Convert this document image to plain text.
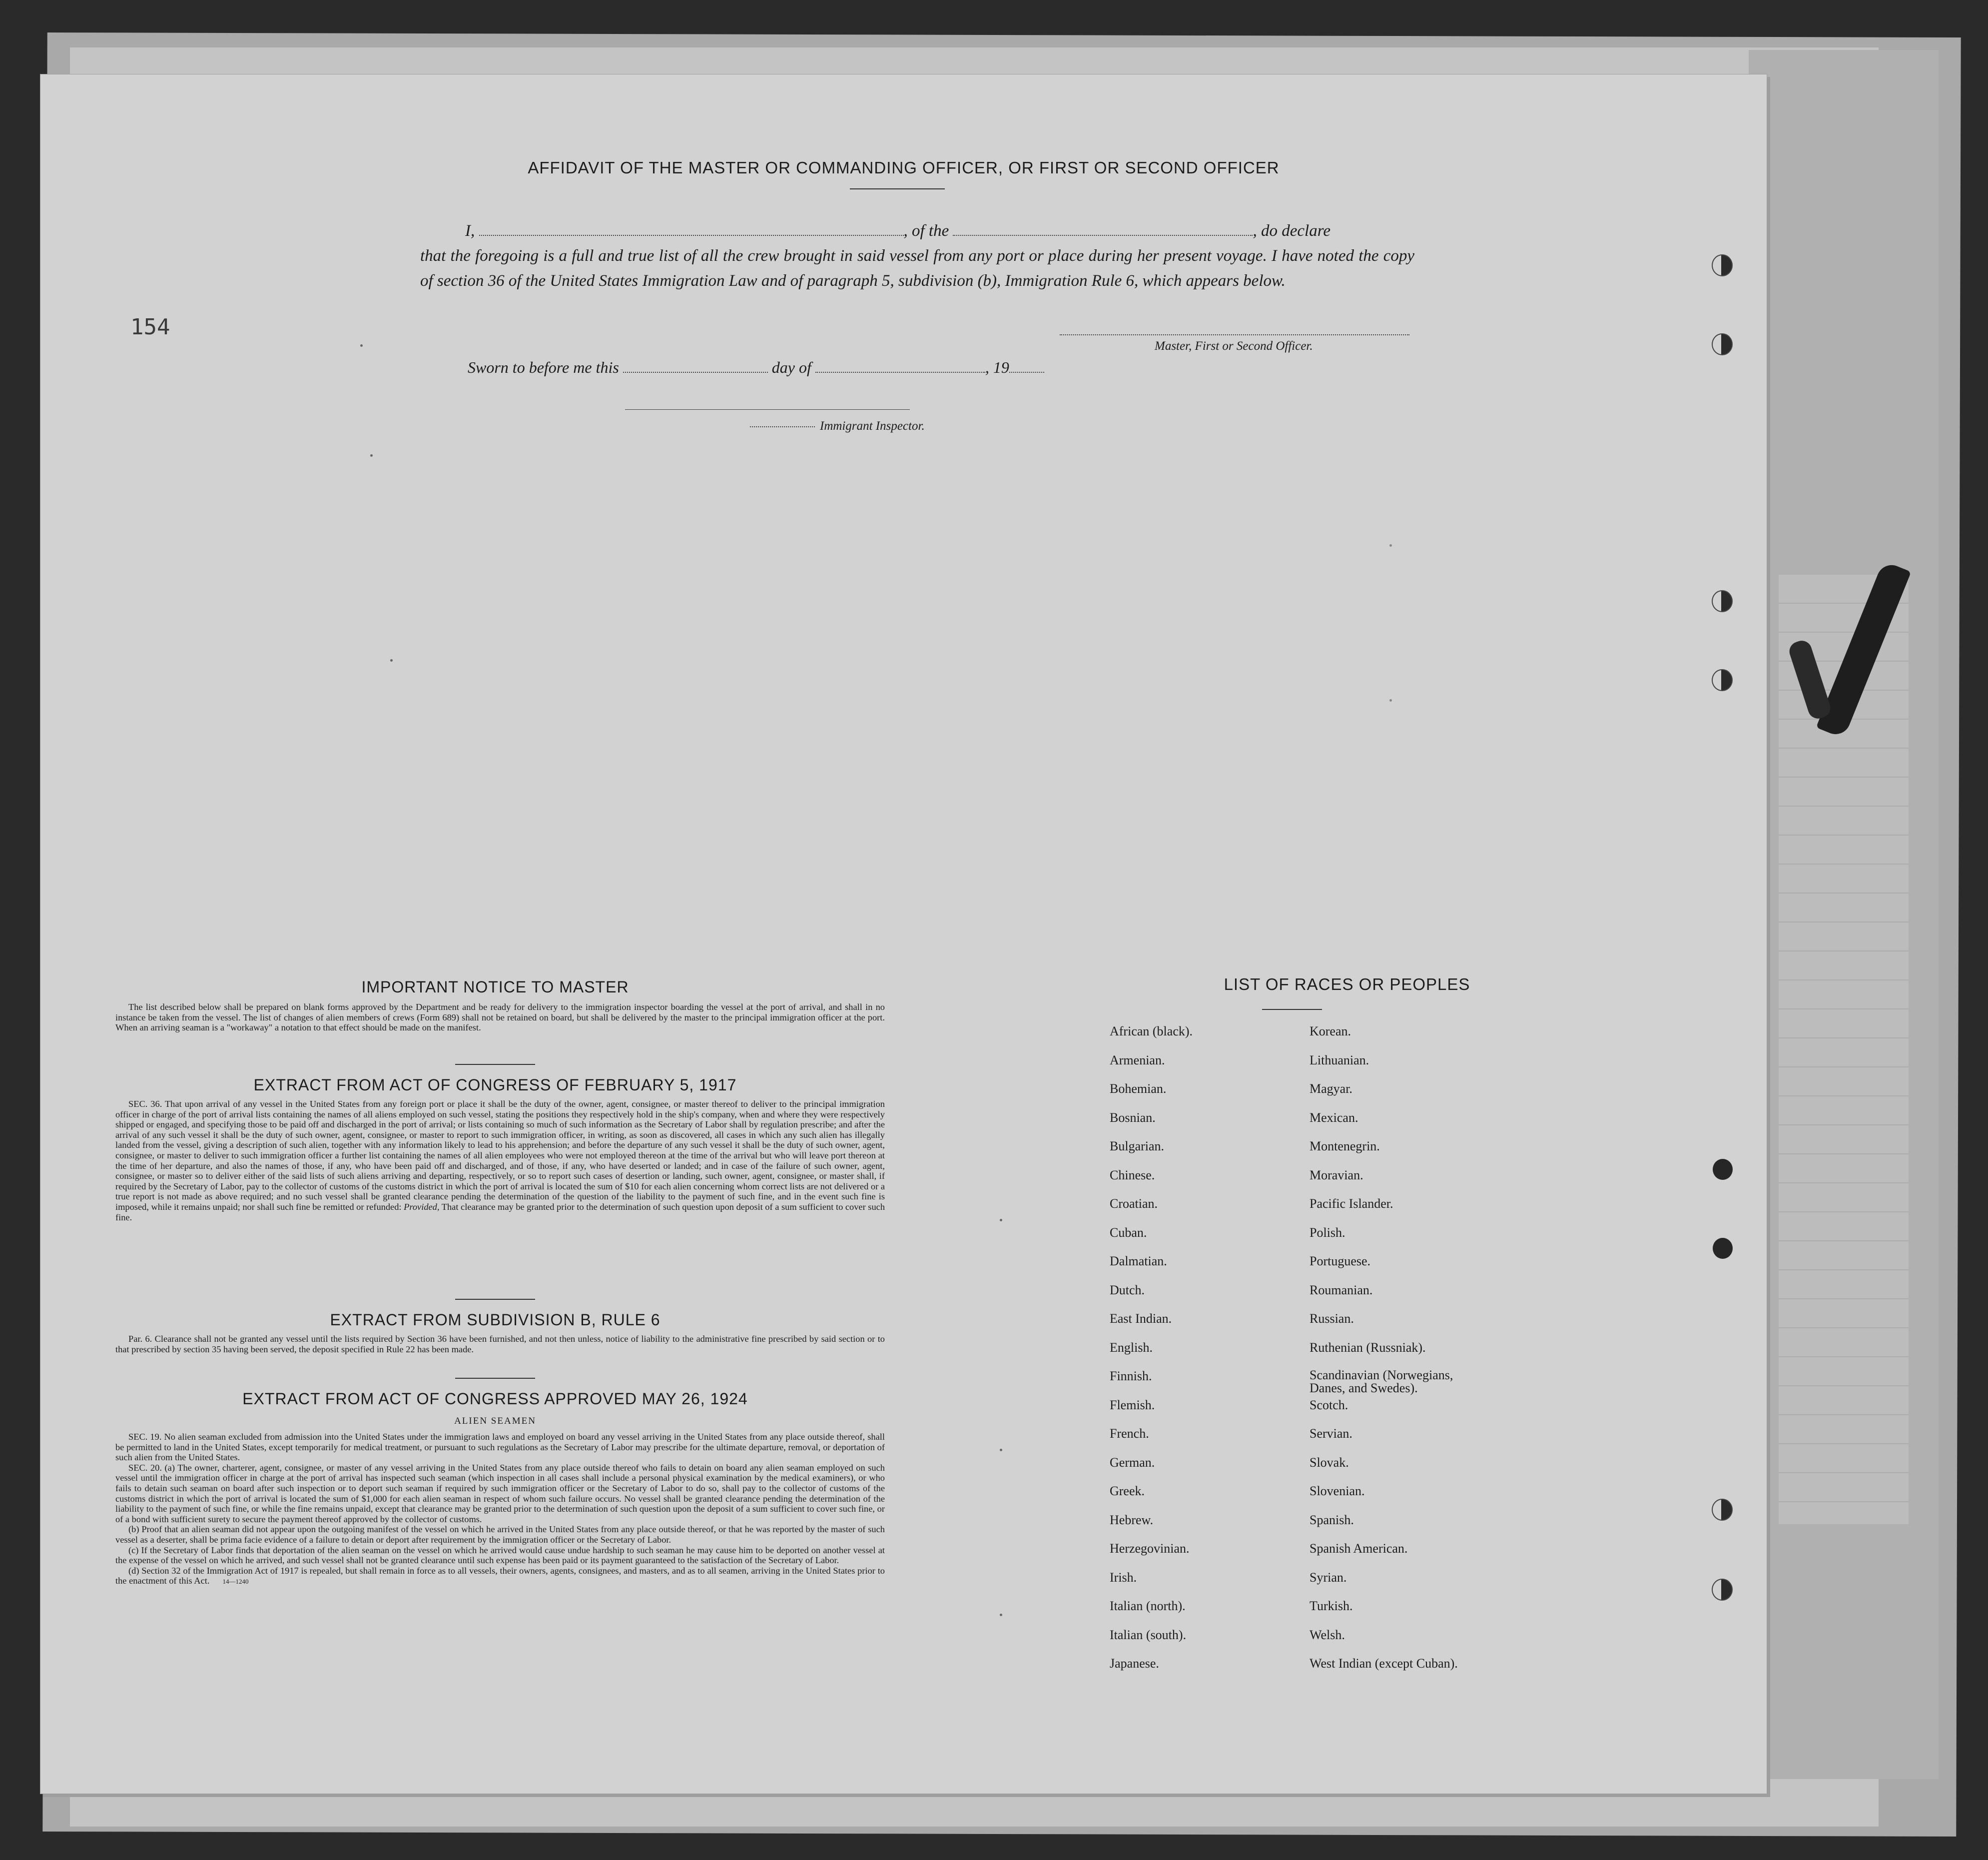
154
AFFIDAVIT OF THE MASTER OR COMMANDING OFFICER, OR FIRST OR SECOND OFFICER
I,	, of the	, do declare
that the foregoing is a full and true list of all the crew brought in said vessel from any port or place during her present voyage. I have noted the copy of section 36 of the United States Immigration Law and of paragraph 5, subdivision (b), Immigration Rule 6, which appears below.
Master, First or Second Officer.
Sworn to before me this	day of	, 19
Immigrant Inspector.
IMPORTANT NOTICE TO MASTER

The list described below shall be prepared on blank forms approved by the Department and be ready for delivery to the immigration inspector boarding the vessel at the port of arrival, and shall in no instance be taken from the vessel. The list of changes of alien members of crews (Form 689) shall not be retained on board, but shall be delivered by the master to the principal immigration officer at the port. When an arriving seaman is a "workaway" a notation to that effect should be made on the manifest.

EXTRACT FROM ACT OF CONGRESS OF FEBRUARY 5, 1917

SEC. 36. That upon arrival of any vessel in the United States from any foreign port or place it shall be the duty of the owner, agent, consignee, or master thereof to deliver to the principal immigration officer in charge of the port of arrival lists containing the names of all aliens employed on such vessel, stating the positions they respectively hold in the ship's company, when and where they were respectively shipped or engaged, and specifying those to be paid off and discharged in the port of arrival; or lists containing so much of such information as the Secretary of Labor shall by regulation prescribe; and after the arrival of any such vessel it shall be the duty of such owner, agent, consignee, or master to report to such immigration officer, in writing, as soon as discovered, all cases in which any such alien has illegally landed from the vessel, giving a description of such alien, together with any information likely to lead to his apprehension; and before the departure of any such vessel it shall be the duty of such owner, agent, consignee, or master to deliver to such immigration officer a further list containing the names of all alien employees who were not employed thereon at the time of the arrival but who will leave port thereon at the time of her departure, and also the names of those, if any, who have been paid off and discharged, and of those, if any, who have deserted or landed; and in case of the failure of such owner, agent, consignee, or master so to deliver either of the said lists of such aliens arriving and departing, respectively, or so to report such cases of desertion or landing, such owner, agent, consignee, or master shall, if required by the Secretary of Labor, pay to the collector of customs of the customs district in which the port of arrival is located the sum of $10 for each alien concerning whom correct lists are not delivered or a true report is not made as above required; and no such vessel shall be granted clearance pending the determination of the question of the liability to the payment of such fine, and in the event such fine is imposed, while it remains unpaid; nor shall such fine be remitted or refunded: Provided, That clearance may be granted prior to the determination of such question upon deposit of a sum sufficient to cover such fine.

EXTRACT FROM SUBDIVISION B, RULE 6

Par. 6. Clearance shall not be granted any vessel until the lists required by Section 36 have been furnished, and not then unless, notice of liability to the administrative fine prescribed by said section or to that prescribed by section 35 having been served, the deposit specified in Rule 22 has been made.

EXTRACT FROM ACT OF CONGRESS APPROVED MAY 26, 1924
ALIEN SEAMEN

SEC. 19. No alien seaman excluded from admission into the United States under the immigration laws and employed on board any vessel arriving in the United States from any place outside thereof, shall be permitted to land in the United States, except temporarily for medical treatment, or pursuant to such regulations as the Secretary of Labor may prescribe for the ultimate departure, removal, or deportation of such alien from the United States.

SEC. 20. (a) The owner, charterer, agent, consignee, or master of any vessel arriving in the United States from any place outside thereof who fails to detain on board any alien seaman employed on such vessel until the immigration officer in charge at the port of arrival has inspected such seaman (which inspection in all cases shall include a personal physical examination by the medical examiners), or who fails to detain such seaman on board after such inspection or to deport such seaman if required by such immigration officer or the Secretary of Labor to do so, shall pay to the collector of customs of the customs district in which the port of arrival is located the sum of $1,000 for each alien seaman in respect of whom such failure occurs. No vessel shall be granted clearance pending the determination of the liability to the payment of such fine, or while the fine remains unpaid, except that clearance may be granted prior to the determination of such question upon the deposit of a sum sufficient to cover such fine, or of a bond with sufficient surety to secure the payment thereof approved by the collector of customs.

(b) Proof that an alien seaman did not appear upon the outgoing manifest of the vessel on which he arrived in the United States from any place outside thereof, or that he was reported by the master of such vessel as a deserter, shall be prima facie evidence of a failure to detain or deport after requirement by the immigration officer or the Secretary of Labor.

(c) If the Secretary of Labor finds that deportation of the alien seaman on the vessel on which he arrived would cause undue hardship to such seaman he may cause him to be deported on another vessel at the expense of the vessel on which he arrived, and such vessel shall not be granted clearance until such expense has been paid or its payment guaranteed to the satisfaction of the Secretary of Labor.

(d) Section 32 of the Immigration Act of 1917 is repealed, but shall remain in force as to all vessels, their owners, agents, consignees, and masters, and as to all seamen, arriving in the United States prior to the enactment of this Act. 14—1240

LIST OF RACES OR PEOPLES
African (black).
Armenian.
Bohemian.
Bosnian.
Bulgarian.
Chinese.
Croatian.
Cuban.
Dalmatian.
Dutch.
East Indian.
English.
Finnish.
Flemish.
French.
German.
Greek.
Hebrew.
Herzegovinian.
Irish.
Italian (north).
Italian (south).
Japanese.
Korean.
Lithuanian.
Magyar.
Mexican.
Montenegrin.
Moravian.
Pacific Islander.
Polish.
Portuguese.
Roumanian.
Russian.
Ruthenian (Russniak).
Scandinavian (Norwegians, Danes, and Swedes).
Scotch.
Servian.
Slovak.
Slovenian.
Spanish.
Spanish American.
Syrian.
Turkish.
Welsh.
West Indian (except Cuban).
